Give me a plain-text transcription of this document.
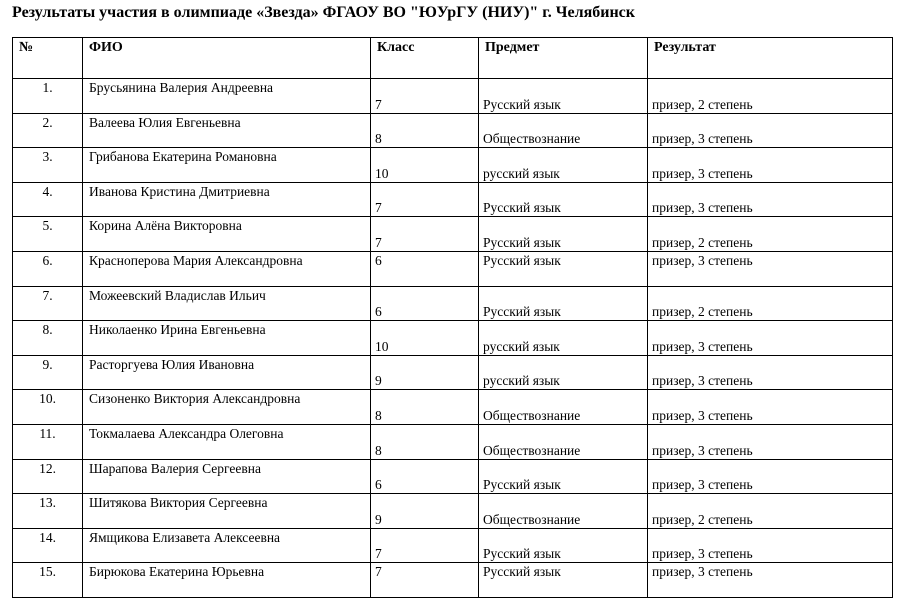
Результаты участия в олимпиаде «Звезда» ФГАОУ ВО "ЮУрГУ (НИУ)" г. Челябинск
№	ФИО	Класс	Предмет	Результат
1.	Брусьянина Валерия Андреевна	7	Русский язык	призер, 2 степень

2.	Валеева Юлия Евгеньевна	8	Обществознание	призер, 3 степень

3.	Грибанова Екатерина Романовна	10	русский язык	призер, 3 степень

4.	Иванова Кристина Дмитриевна	7	Русский язык	призер, 3 степень

5.	Корина Алёна Викторовна	7	Русский язык	призер, 2 степень

6.	Красноперова Мария Александровна	6	Русский язык	призер, 3 степень

7.	Можеевский Владислав Ильич	6	Русский язык	призер, 2 степень

8.	Николаенко Ирина Евгеньевна	10	русский язык	призер, 3 степень

9.	Расторгуева Юлия Ивановна	9	русский язык	призер, 3 степень

10.	Сизоненко Виктория Александровна	8	Обществознание	призер, 3 степень

11.	Токмалаева Александра Олеговна	8	Обществознание	призер, 3 степень

12.	Шарапова Валерия Сергеевна	6	Русский язык	призер, 3 степень

13.	Шитякова Виктория Сергеевна	9	Обществознание	призер, 2 степень

14.	Ямщикова Елизавета Алексеевна	7	Русский язык	призер, 3 степень

15.	Бирюкова Екатерина Юрьевна	7	Русский язык	призер, 3 степень
